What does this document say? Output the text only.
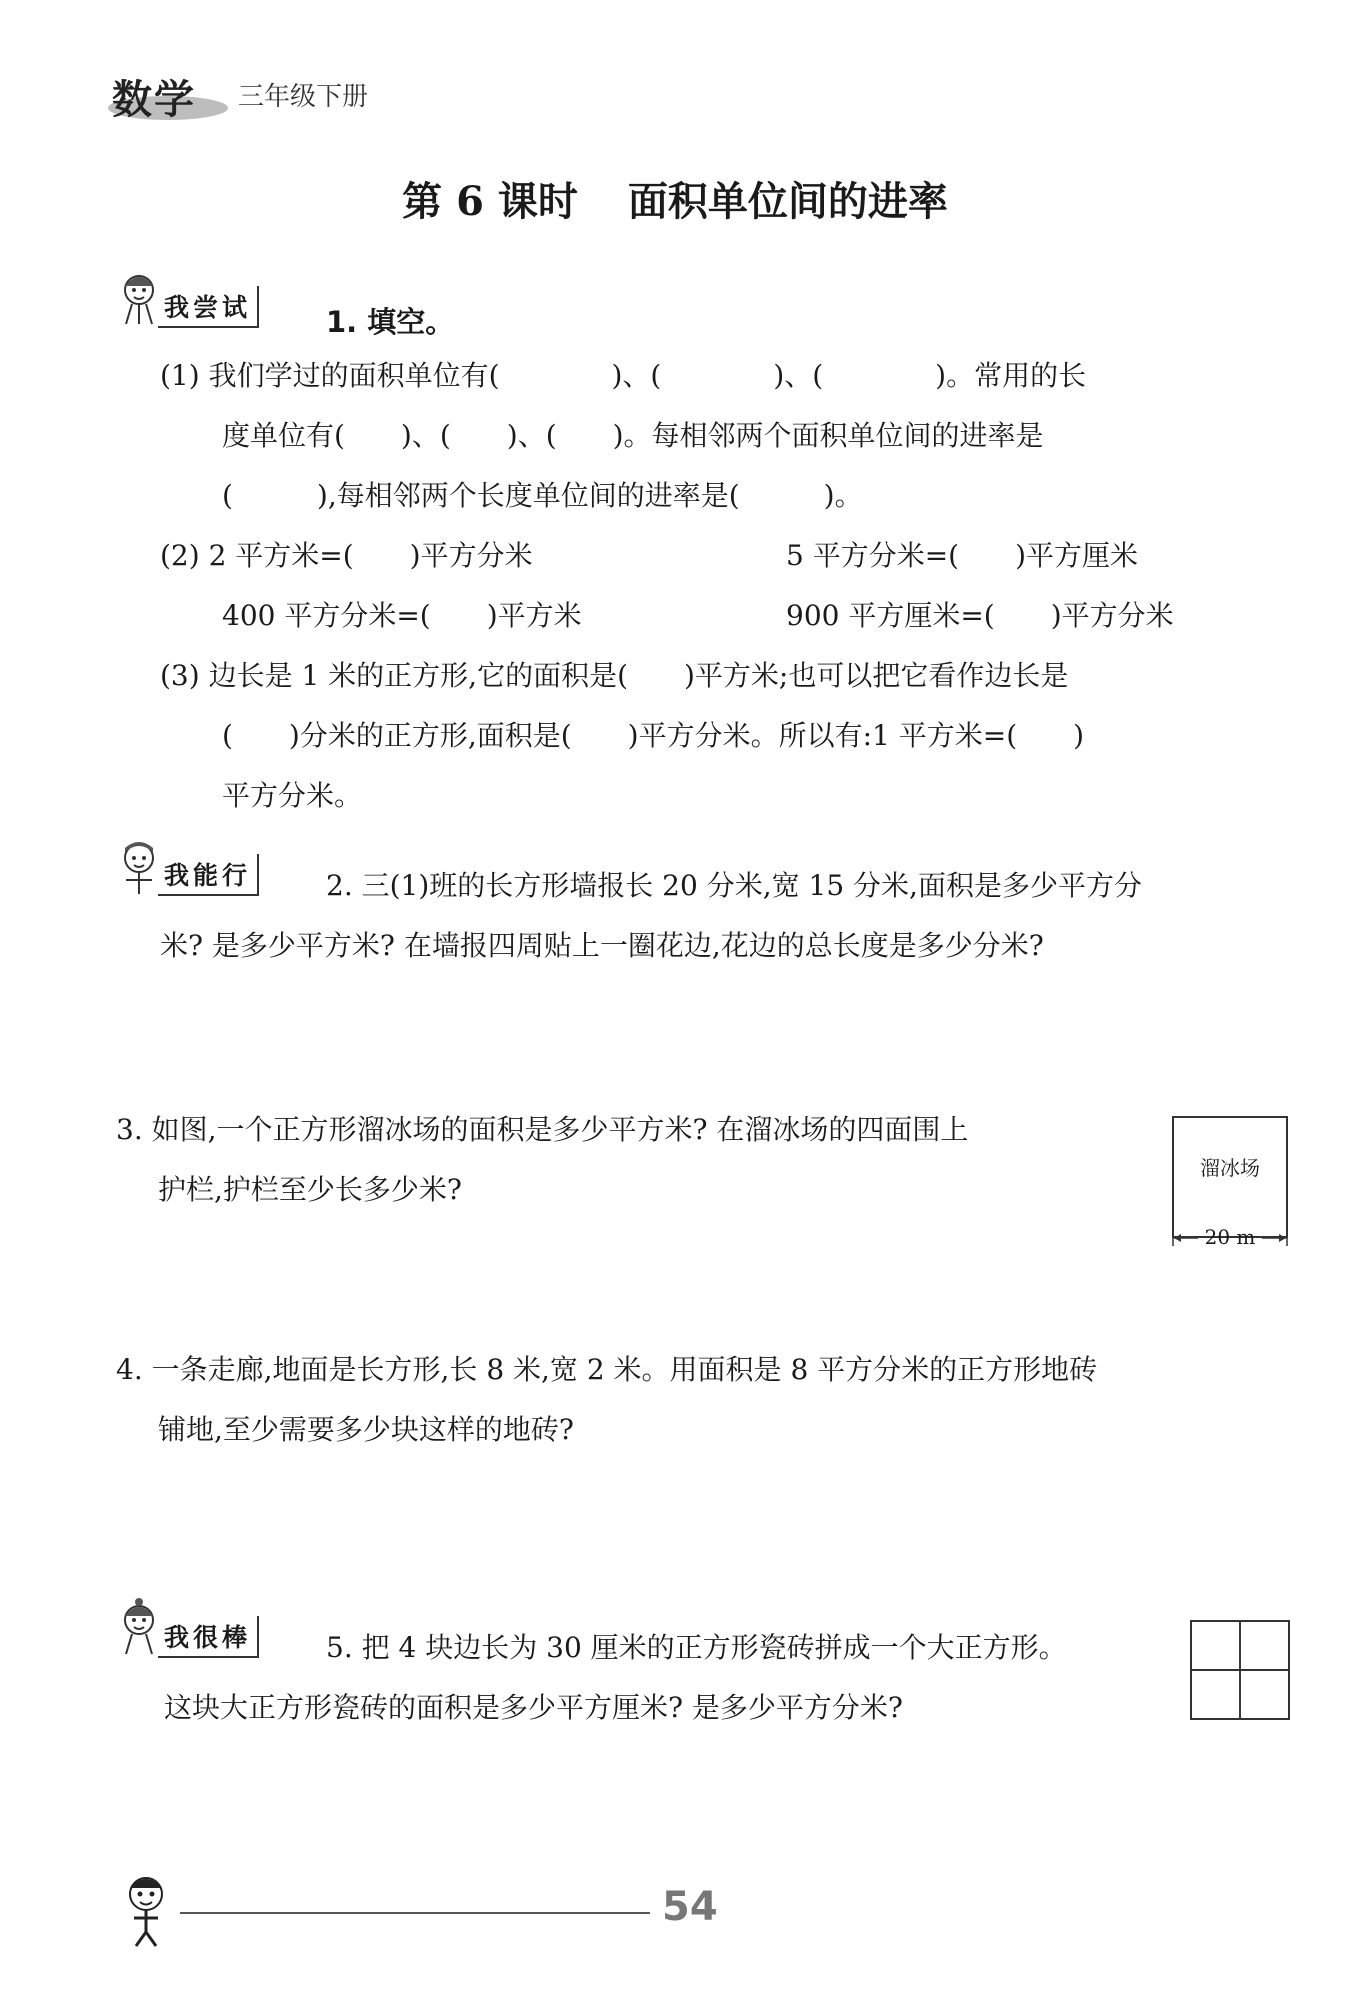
数学 三年级下册
第 6 课时 面积单位间的进率
我尝试	1. 填空。
(1) 我们学过的面积单位有(　　　　)、(　　　　)、(　　　　)。常用的长
度单位有(　　)、(　　)、(　　)。每相邻两个面积单位间的进率是
(　　　),每相邻两个长度单位间的进率是(　　　)。
(2) 2 平方米=(　　)平方分米	5 平方分米=(　　)平方厘米
400 平方分米=(　　)平方米	900 平方厘米=(　　)平方分米
(3) 边长是 1 米的正方形,它的面积是(　　)平方米;也可以把它看作边长是
(　　)分米的正方形,面积是(　　)平方分米。所以有:1 平方米=(　　)
平方分米。
我能行	2. 三(1)班的长方形墙报长 20 分米,宽 15 分米,面积是多少平方分
米? 是多少平方米? 在墙报四周贴上一圈花边,花边的总长度是多少分米?
3. 如图,一个正方形溜冰场的面积是多少平方米? 在溜冰场的四面围上
护栏,护栏至少长多少米?
溜冰场
20 m
4. 一条走廊,地面是长方形,长 8 米,宽 2 米。用面积是 8 平方分米的正方形地砖
铺地,至少需要多少块这样的地砖?
我很棒	5. 把 4 块边长为 30 厘米的正方形瓷砖拼成一个大正方形。
这块大正方形瓷砖的面积是多少平方厘米? 是多少平方分米?
54
